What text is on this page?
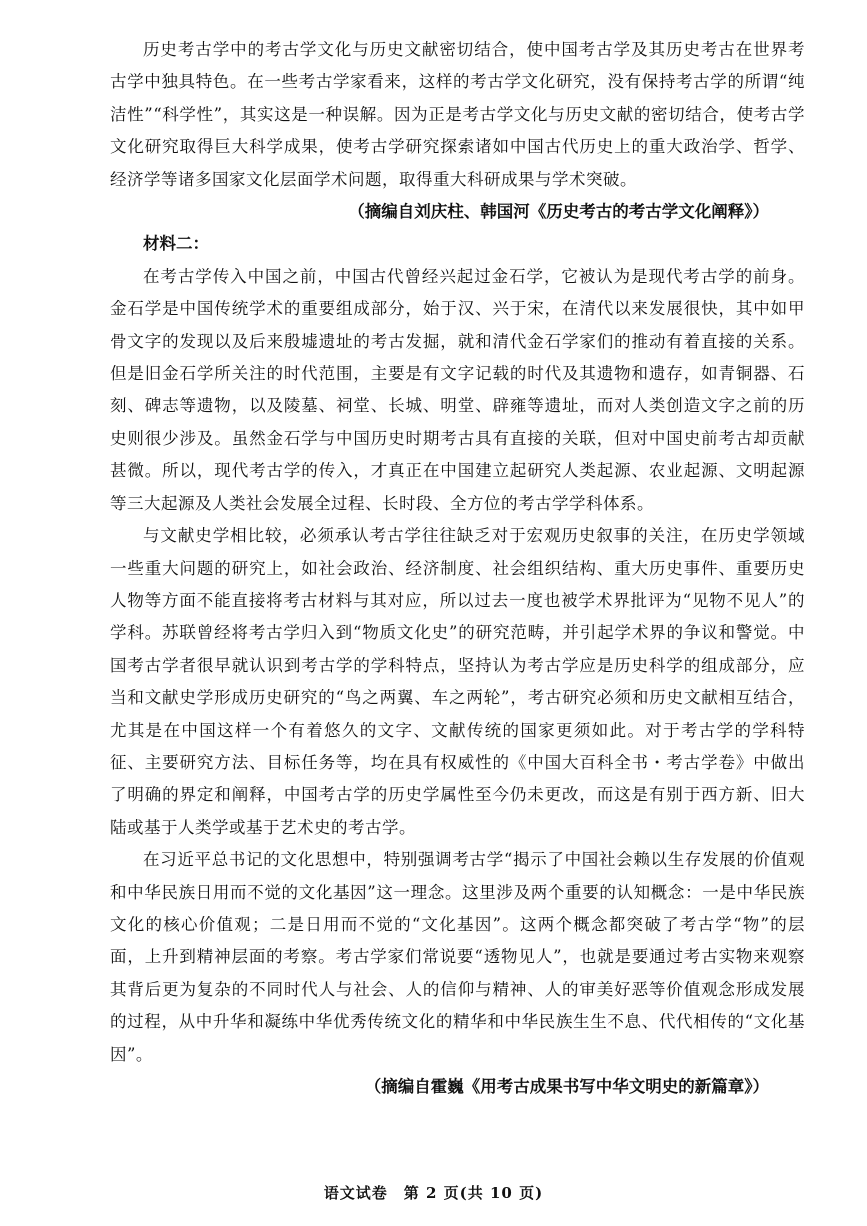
历史考古学中的考古学文化与历史文献密切结合，使中国考古学及其历史考古在世界考古学中独具特色。在一些考古学家看来，这样的考古学文化研究，没有保持考古学的所谓“纯洁性”“科学性”，其实这是一种误解。因为正是考古学文化与历史文献的密切结合，使考古学文化研究取得巨大科学成果，使考古学研究探索诸如中国古代历史上的重大政治学、哲学、经济学等诸多国家文化层面学术问题，取得重大科研成果与学术突破。

（摘编自刘庆柱、韩国河《历史考古的考古学文化阐释》）

材料二：

在考古学传入中国之前，中国古代曾经兴起过金石学，它被认为是现代考古学的前身。金石学是中国传统学术的重要组成部分，始于汉、兴于宋，在清代以来发展很快，其中如甲骨文字的发现以及后来殷墟遗址的考古发掘，就和清代金石学家们的推动有着直接的关系。但是旧金石学所关注的时代范围，主要是有文字记载的时代及其遗物和遗存，如青铜器、石刻、碑志等遗物，以及陵墓、祠堂、长城、明堂、辟雍等遗址，而对人类创造文字之前的历史则很少涉及。虽然金石学与中国历史时期考古具有直接的关联，但对中国史前考古却贡献甚微。所以，现代考古学的传入，才真正在中国建立起研究人类起源、农业起源、文明起源等三大起源及人类社会发展全过程、长时段、全方位的考古学学科体系。

与文献史学相比较，必须承认考古学往往缺乏对于宏观历史叙事的关注，在历史学领域一些重大问题的研究上，如社会政治、经济制度、社会组织结构、重大历史事件、重要历史人物等方面不能直接将考古材料与其对应，所以过去一度也被学术界批评为“见物不见人”的学科。苏联曾经将考古学归入到“物质文化史”的研究范畴，并引起学术界的争议和警觉。中国考古学者很早就认识到考古学的学科特点，坚持认为考古学应是历史科学的组成部分，应当和文献史学形成历史研究的“鸟之两翼、车之两轮”，考古研究必须和历史文献相互结合，尤其是在中国这样一个有着悠久的文字、文献传统的国家更须如此。对于考古学的学科特征、主要研究方法、目标任务等，均在具有权威性的《中国大百科全书・考古学卷》中做出了明确的界定和阐释，中国考古学的历史学属性至今仍未更改，而这是有别于西方新、旧大陆或基于人类学或基于艺术史的考古学。

在习近平总书记的文化思想中，特别强调考古学“揭示了中国社会赖以生存发展的价值观和中华民族日用而不觉的文化基因”这一理念。这里涉及两个重要的认知概念：一是中华民族文化的核心价值观；二是日用而不觉的“文化基因”。这两个概念都突破了考古学“物”的层面，上升到精神层面的考察。考古学家们常说要“透物见人”，也就是要通过考古实物来观察其背后更为复杂的不同时代人与社会、人的信仰与精神、人的审美好恶等价值观念形成发展的过程，从中升华和凝练中华优秀传统文化的精华和中华民族生生不息、代代相传的“文化基因”。

（摘编自霍巍《用考古成果书写中华文明史的新篇章》）

语文试卷　第 2 页(共 10 页)
